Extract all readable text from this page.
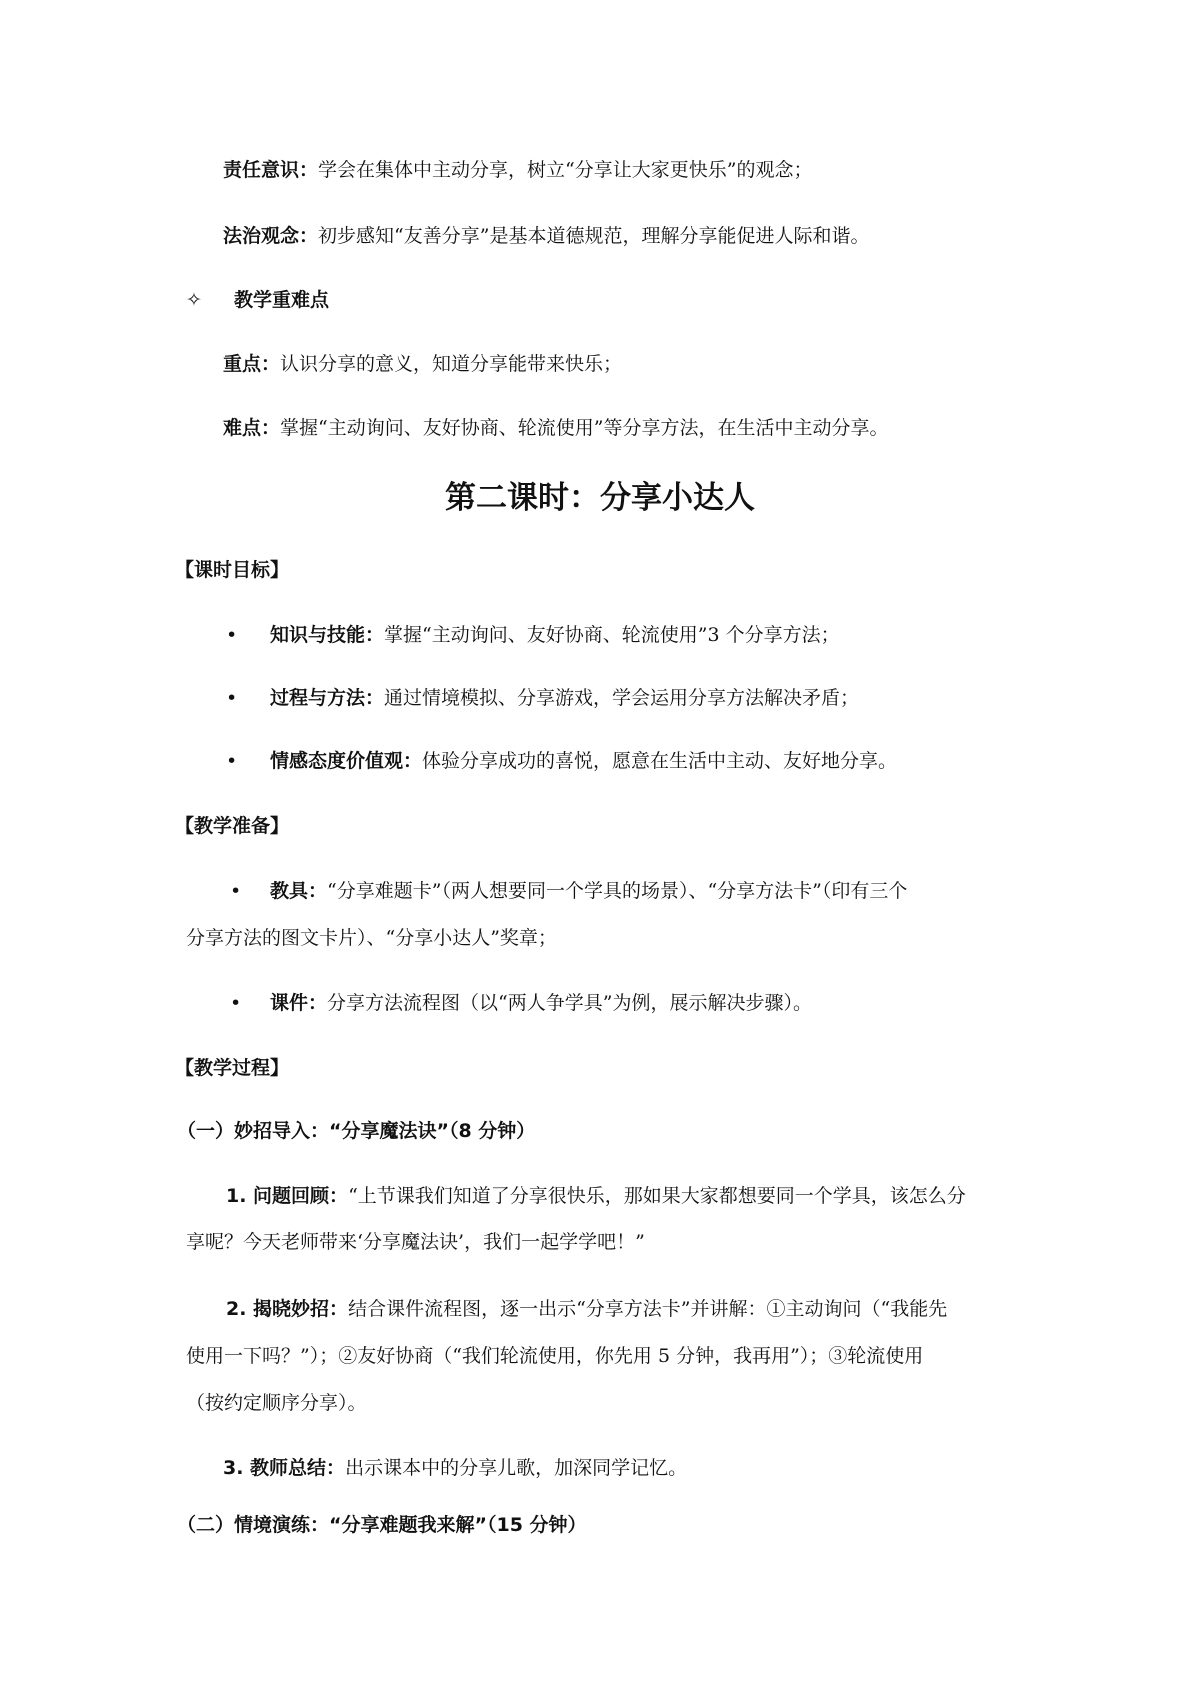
责任意识：学会在集体中主动分享，树立“分享让大家更快乐”的观念；
法治观念：初步感知“友善分享”是基本道德规范，理解分享能促进人际和谐。
✧ 教学重难点
重点：认识分享的意义，知道分享能带来快乐；
难点：掌握“主动询问、友好协商、轮流使用”等分享方法，在生活中主动分享。
第二课时：分享小达人
【课时目标】
• 知识与技能：掌握“主动询问、友好协商、轮流使用”3 个分享方法；
• 过程与方法：通过情境模拟、分享游戏，学会运用分享方法解决矛盾；
• 情感态度价值观：体验分享成功的喜悦，愿意在生活中主动、友好地分享。
【教学准备】
• 教具：“分享难题卡”（两人想要同一个学具的场景）、“分享方法卡”（印有三个
分享方法的图文卡片）、“分享小达人”奖章；
• 课件：分享方法流程图（以“两人争学具”为例，展示解决步骤）。
【教学过程】
（一）妙招导入：“分享魔法诀”（8 分钟）
1. 问题回顾：“上节课我们知道了分享很快乐，那如果大家都想要同一个学具，该怎么分
享呢？今天老师带来‘分享魔法诀’，我们一起学学吧！”
2. 揭晓妙招：结合课件流程图，逐一出示“分享方法卡”并讲解：①主动询问（“我能先
使用一下吗？”）；②友好协商（“我们轮流使用，你先用 5 分钟，我再用”）；③轮流使用
（按约定顺序分享）。
3. 教师总结：出示课本中的分享儿歌，加深同学记忆。
（二）情境演练：“分享难题我来解”（15 分钟）
